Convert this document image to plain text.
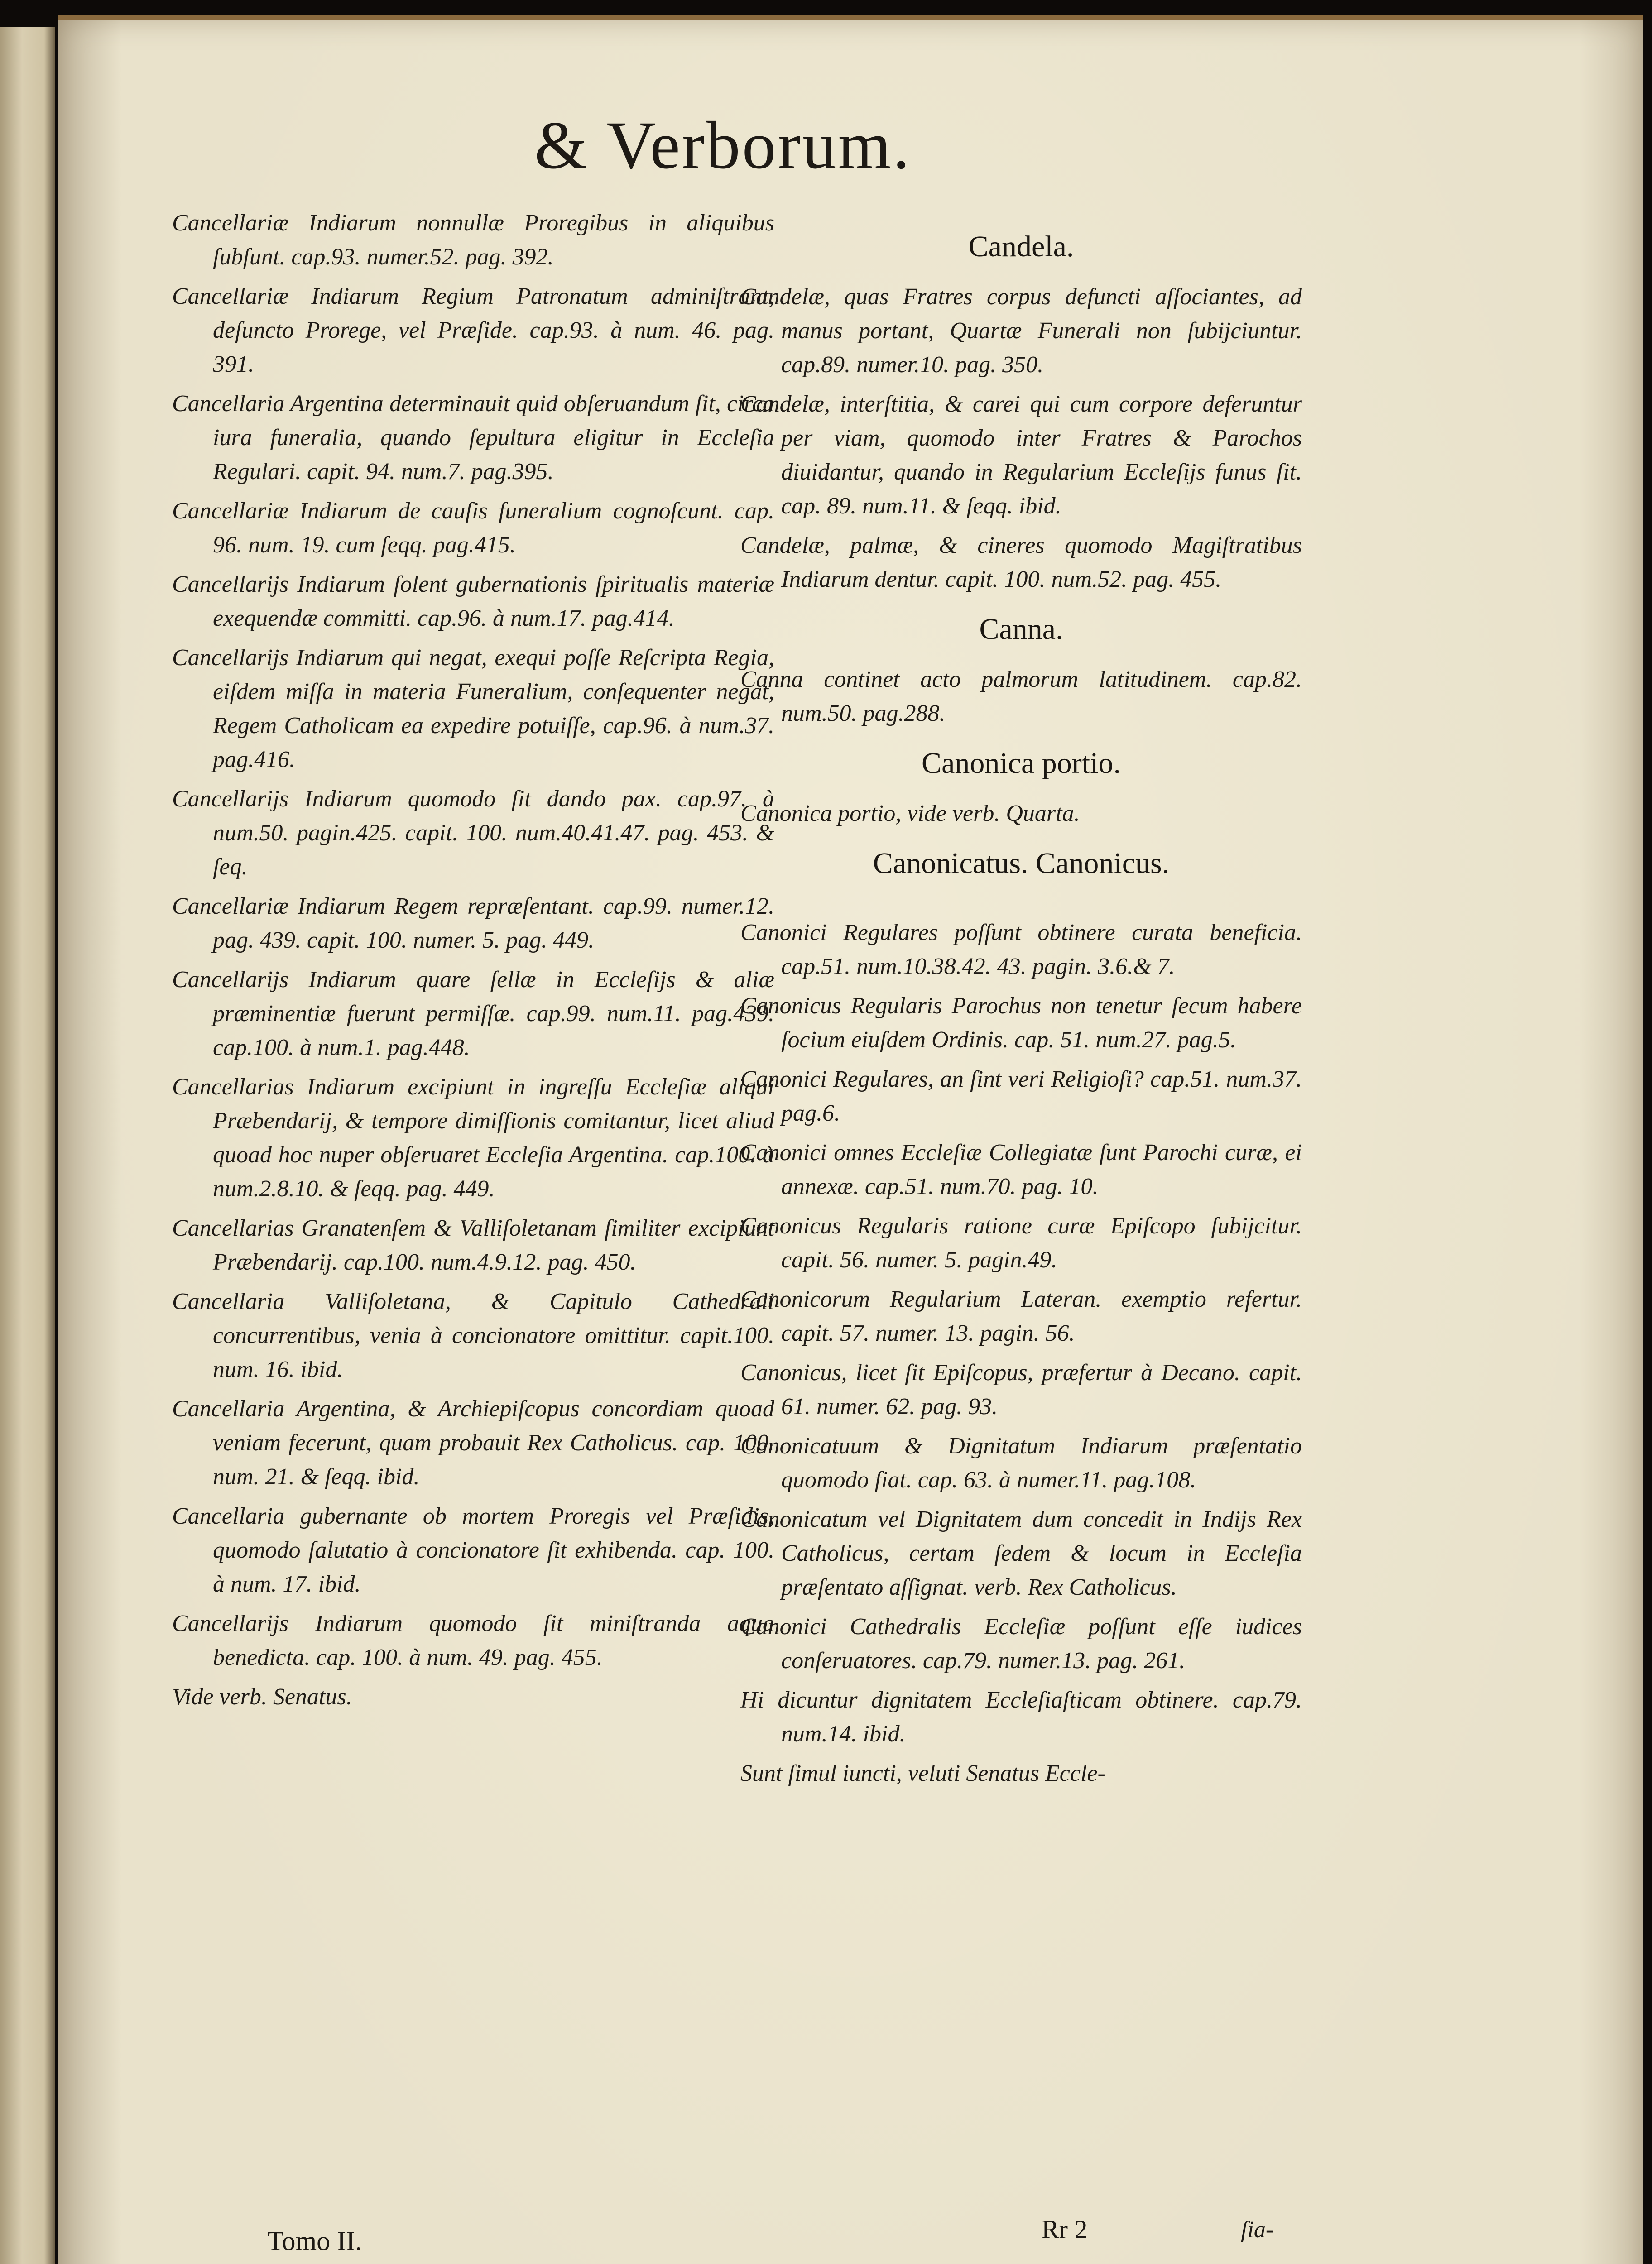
& Verborum.

Cancellariæ Indiarum nonnullæ Proregibus in aliquibus ſubſunt. cap.93. numer.52. pag. 392.

Cancellariæ Indiarum Regium Patronatum adminiſtrant, deſuncto Prorege, vel Præſide. cap.93. à num. 46. pag. 391.

Cancellaria Argentina determinauit quid obſeruandum ſit, circa iura funeralia, quando ſepultura eligitur in Eccleſia Regulari. capit. 94. num.7. pag.395.

Cancellariæ Indiarum de cauſis funeralium cognoſcunt. cap. 96. num. 19. cum ſeqq. pag.415.

Cancellarijs Indiarum ſolent gubernationis ſpiritualis materiæ exequendæ committi. cap.96. à num.17. pag.414.

Cancellarijs Indiarum qui negat, exequi poſſe Reſcripta Regia, eiſdem miſſa in materia Funeralium, conſequenter negat, Regem Catholicam ea expedire potuiſſe, cap.96. à num.37. pag.416.

Cancellarijs Indiarum quomodo ſit dando pax. cap.97. à num.50. pagin.425. capit. 100. num.40.41.47. pag. 453. & ſeq.

Cancellariæ Indiarum Regem repræſentant. cap.99. numer.12. pag. 439. capit. 100. numer. 5. pag. 449.

Cancellarijs Indiarum quare ſellæ in Eccleſijs & aliæ præminentiæ fuerunt permiſſæ. cap.99. num.11. pag.439. cap.100. à num.1. pag.448.

Cancellarias Indiarum excipiunt in ingreſſu Eccleſiæ aliqui Præbendarij, & tempore dimiſſionis comitantur, licet aliud quoad hoc nuper obſeruaret Eccleſia Argentina. cap.100. à num.2.8.10. & ſeqq. pag. 449.

Cancellarias Granatenſem & Valliſoletanam ſimiliter excipiunt Præbendarij. cap.100. num.4.9.12. pag. 450.

Cancellaria Valliſoletana, & Capitulo Cathedrali concurrentibus, venia à concionatore omittitur. capit.100. num. 16. ibid.

Cancellaria Argentina, & Archiepiſcopus concordiam quoad veniam fecerunt, quam probauit Rex Catholicus. cap. 100. num. 21. & ſeqq. ibid.

Cancellaria gubernante ob mortem Proregis vel Præſidis, quomodo ſalutatio à concionatore ſit exhibenda. cap. 100. à num. 17. ibid.

Cancellarijs Indiarum quomodo ſit miniſtranda aqua benedicta. cap. 100. à num. 49. pag. 455.

Vide verb. Senatus.

Candela.

Candelæ, quas Fratres corpus defuncti aſſociantes, ad manus portant, Quartæ Funerali non ſubijciuntur. cap.89. numer.10. pag. 350.

Candelæ, interſtitia, & carei qui cum corpore deferuntur per viam, quomodo inter Fratres & Parochos diuidantur, quando in Regularium Eccleſijs funus ſit. cap. 89. num.11. & ſeqq. ibid.

Candelæ, palmæ, & cineres quomodo Magiſtratibus Indiarum dentur. capit. 100. num.52. pag. 455.

Canna.

Canna continet acto palmorum latitudinem. cap.82. num.50. pag.288.

Canonica portio.

Canonica portio, vide verb. Quarta.

Canonicatus. Canonicus.

Canonici Regulares poſſunt obtinere curata beneficia. cap.51. num.10.38.42. 43. pagin. 3.6.& 7.

Canonicus Regularis Parochus non tenetur ſecum habere ſocium eiuſdem Ordinis. cap. 51. num.27. pag.5.

Canonici Regulares, an ſint veri Religioſi? cap.51. num.37. pag.6.

Canonici omnes Eccleſiæ Collegiatæ ſunt Parochi curæ, ei annexæ. cap.51. num.70. pag. 10.

Canonicus Regularis ratione curæ Epiſcopo ſubijcitur. capit. 56. numer. 5. pagin.49.

Canonicorum Regularium Lateran. exemptio refertur. capit. 57. numer. 13. pagin. 56.

Canonicus, licet ſit Epiſcopus, præfertur à Decano. capit. 61. numer. 62. pag. 93.

Canonicatuum & Dignitatum Indiarum præſentatio quomodo fiat. cap. 63. à numer.11. pag.108.

Canonicatum vel Dignitatem dum concedit in Indijs Rex Catholicus, certam ſedem & locum in Eccleſia præſentato aſſignat. verb. Rex Catholicus.

Canonici Cathedralis Eccleſiæ poſſunt eſſe iudices conſeruatores. cap.79. numer.13. pag. 261.

Hi dicuntur dignitatem Eccleſiaſticam obtinere. cap.79. num.14. ibid.

Sunt ſimul iuncti, veluti Senatus Eccle-

Tomo II.	Rr 2	ſia-
